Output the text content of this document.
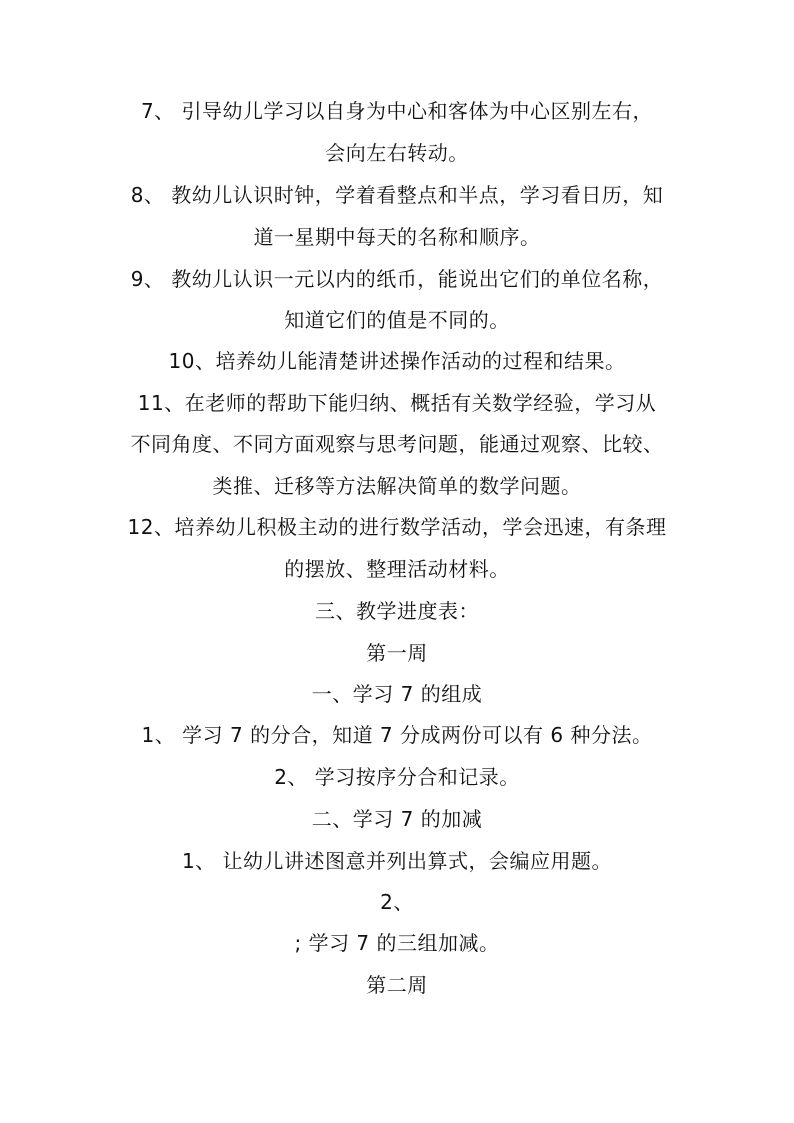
7、 引导幼儿学习以自身为中心和客体为中心区别左右，
会向左右转动。
8、 教幼儿认识时钟，学着看整点和半点，学习看日历，知
道一星期中每天的名称和顺序。
9、 教幼儿认识一元以内的纸币，能说出它们的单位名称，
知道它们的值是不同的。
10、培养幼儿能清楚讲述操作活动的过程和结果。
11、在老师的帮助下能归纳、概括有关数学经验，学习从
不同角度、不同方面观察与思考问题，能通过观察、比较、
类推、迁移等方法解决简单的数学问题。
12、培养幼儿积极主动的进行数学活动，学会迅速，有条理
的摆放、整理活动材料。
三、教学进度表：
第一周
一、学习 7 的组成
1、 学习 7 的分合，知道 7 分成两份可以有 6 种分法。
2、 学习按序分合和记录。
二、学习 7 的加减
1、 让幼儿讲述图意并列出算式，会编应用题。
2、
; 学习 7 的三组加减。
第二周
